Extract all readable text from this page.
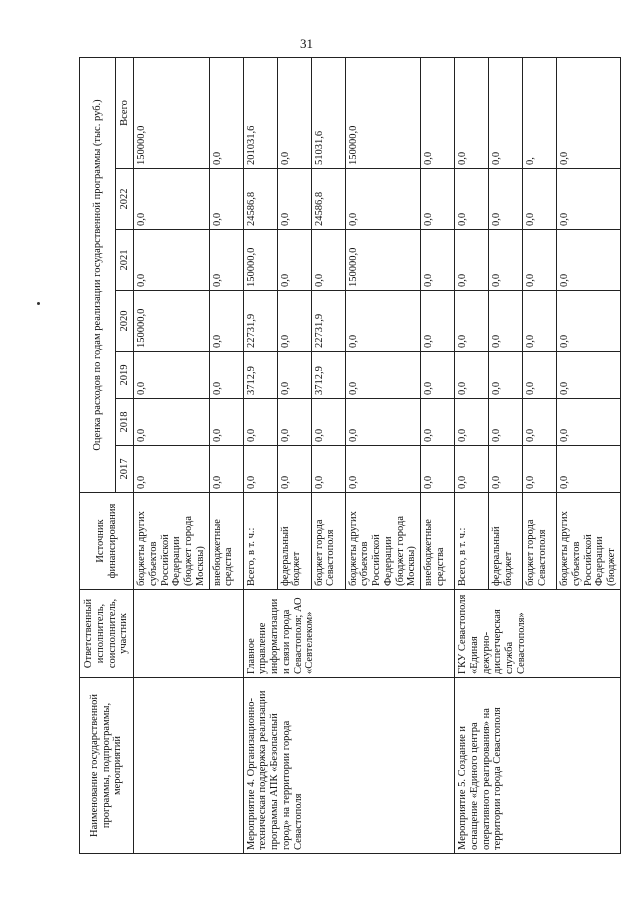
31
Наименование государственной программы, подпрограммы, мероприятий	Ответственный исполнитель, соисполнитель, участник	Источник финансирования	Оценка расходов по годам реализации государственной программы (тыс. руб.)						
			2017	2018	2019	2020	2021	2022	Всего
		бюджеты других субъектов Российской Федерации (бюджет города Москвы)	0,0	0,0	0,0	150000,0	0,0	0,0	150000,0
		внебюджетные средства	0,0	0,0	0,0	0,0	0,0	0,0	0,0
Мероприятие 4. Организационно-техническая поддержка реализации программы АПК «Безопасный город» на территории города Севастополя	Главное управление информатизации и связи города Севастополя; АО «Севтелеком»	Всего, в т. ч.:	0,0	0,0	3712,9	22731,9	150000,0	24586,8	201031,6
		федеральный бюджет	0,0	0,0	0,0	0,0	0,0	0,0	0,0
		бюджет города Севастополя	0,0	0,0	3712,9	22731,9	0,0	24586,8	51031,6
		бюджеты других субъектов Российской Федерации (бюджет города Москвы)	0,0	0,0	0,0	0,0	150000,0	0,0	150000,0
		внебюджетные средства	0,0	0,0	0,0	0,0	0,0	0,0	0,0
Мероприятие 5. Создание и оснащение «Единого центра оперативного реагирования» на территории города Севастополя	ГКУ Севастополя «Единая дежурно-диспетчерская служба Севастополя»	Всего, в т. ч.:	0,0	0,0	0,0	0,0	0,0	0,0	0,0
		федеральный бюджет	0,0	0,0	0,0	0,0	0,0	0,0	0,0
		бюджет города Севастополя	0,0	0,0	0,0	0,0	0,0	0,0	0,
		бюджеты других субъектов Российской Федерации (бюджет	0,0	0,0	0,0	0,0	0,0	0,0	0,0
